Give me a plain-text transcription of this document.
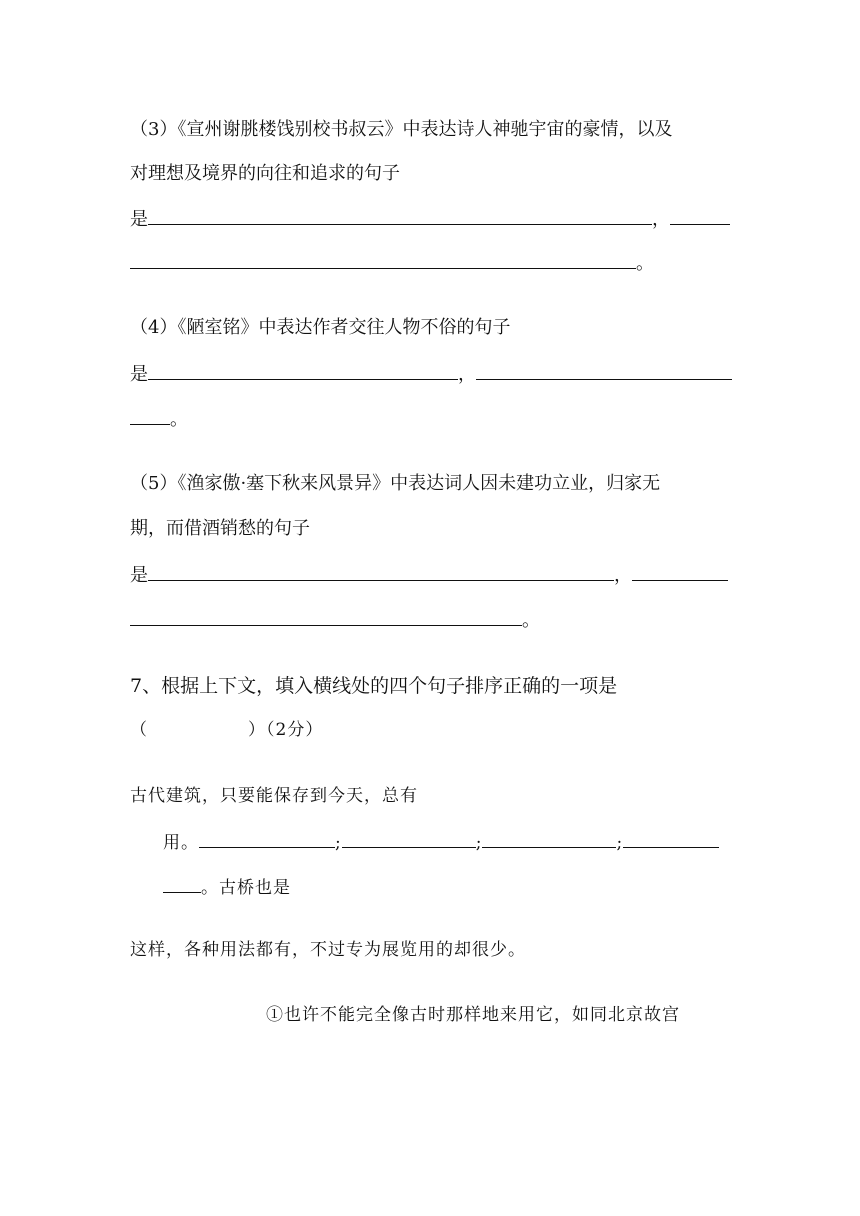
（3）《宣州谢朓楼饯别校书叔云》中表达诗人神驰宇宙的豪情，以及
对理想及境界的向往和追求的句子
是	，
。
（4）《陋室铭》中表达作者交往人物不俗的句子
是	，
。
（5）《渔家傲·塞下秋来风景异》中表达词人因未建功立业，归家无
期，而借酒销愁的句子
是	，
。
7、根据上下文，填入横线处的四个句子排序正确的一项是
（	）（2分）
古代建筑，只要能保存到今天，总有
用。	;	;	;
。古桥也是
这样，各种用法都有，不过专为展览用的却很少。
①也许不能完全像古时那样地来用它，如同北京故宫
